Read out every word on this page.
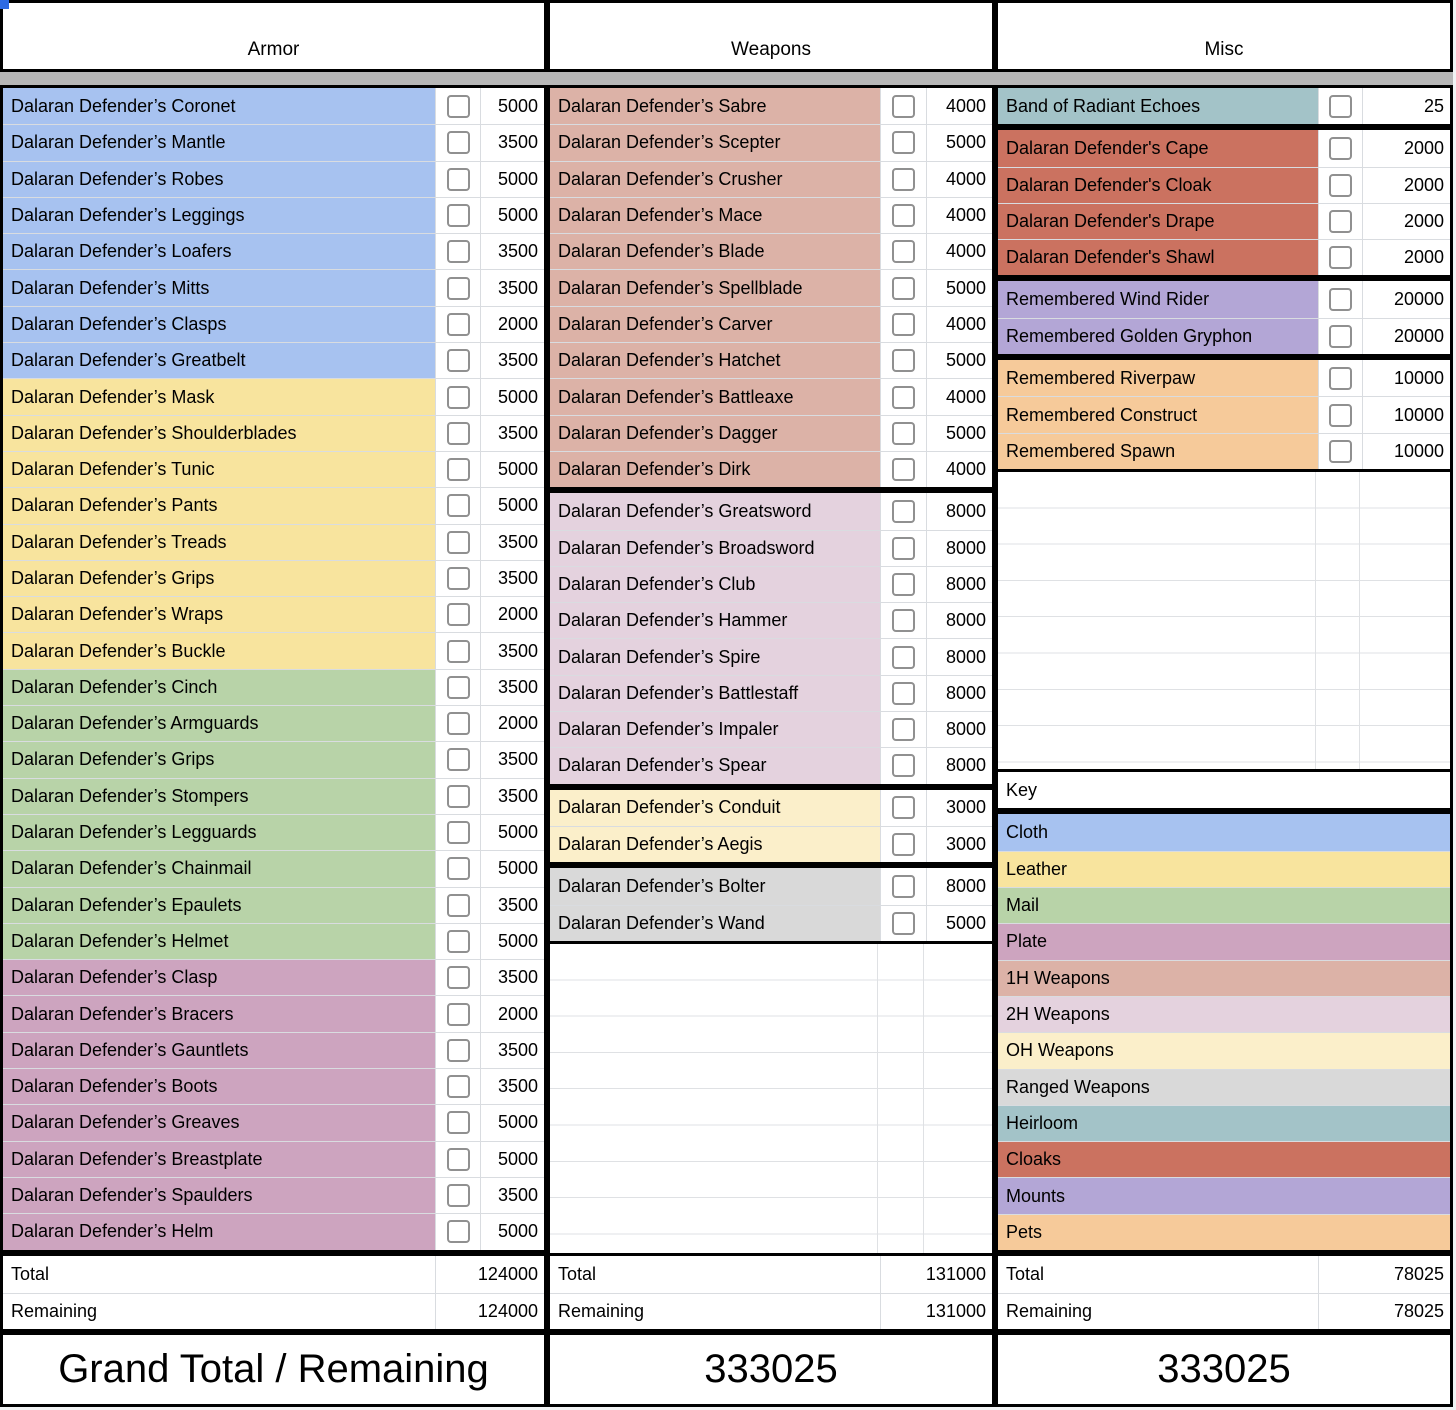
Armor	Weapons	Misc
Dalaran Defender’s Coronet	5000
Dalaran Defender’s Mantle	3500
Dalaran Defender’s Robes	5000
Dalaran Defender’s Leggings	5000
Dalaran Defender’s Loafers	3500
Dalaran Defender’s Mitts	3500
Dalaran Defender’s Clasps	2000
Dalaran Defender’s Greatbelt	3500
Dalaran Defender’s Mask	5000
Dalaran Defender’s Shoulderblades	3500
Dalaran Defender’s Tunic	5000
Dalaran Defender’s Pants	5000
Dalaran Defender’s Treads	3500
Dalaran Defender’s Grips	3500
Dalaran Defender’s Wraps	2000
Dalaran Defender’s Buckle	3500
Dalaran Defender’s Cinch	3500
Dalaran Defender’s Armguards	2000
Dalaran Defender’s Grips	3500
Dalaran Defender’s Stompers	3500
Dalaran Defender’s Legguards	5000
Dalaran Defender’s Chainmail	5000
Dalaran Defender’s Epaulets	3500
Dalaran Defender’s Helmet	5000
Dalaran Defender’s Clasp	3500
Dalaran Defender’s Bracers	2000
Dalaran Defender’s Gauntlets	3500
Dalaran Defender’s Boots	3500
Dalaran Defender’s Greaves	5000
Dalaran Defender’s Breastplate	5000
Dalaran Defender’s Spaulders	3500
Dalaran Defender’s Helm	5000
Total	124000
Remaining	124000
Grand Total / Remaining
Dalaran Defender’s Sabre	4000
Dalaran Defender’s Scepter	5000
Dalaran Defender’s Crusher	4000
Dalaran Defender’s Mace	4000
Dalaran Defender’s Blade	4000
Dalaran Defender’s Spellblade	5000
Dalaran Defender’s Carver	4000
Dalaran Defender’s Hatchet	5000
Dalaran Defender’s Battleaxe	4000
Dalaran Defender’s Dagger	5000
Dalaran Defender’s Dirk	4000
Dalaran Defender’s Greatsword	8000
Dalaran Defender’s Broadsword	8000
Dalaran Defender’s Club	8000
Dalaran Defender’s Hammer	8000
Dalaran Defender’s Spire	8000
Dalaran Defender’s Battlestaff	8000
Dalaran Defender’s Impaler	8000
Dalaran Defender’s Spear	8000
Dalaran Defender’s Conduit	3000
Dalaran Defender’s Aegis	3000
Dalaran Defender’s Bolter	8000
Dalaran Defender’s Wand	5000
Total	131000
Remaining	131000
333025
Band of Radiant Echoes	25
Dalaran Defender's Cape	2000
Dalaran Defender's Cloak	2000
Dalaran Defender's Drape	2000
Dalaran Defender's Shawl	2000
Remembered Wind Rider	20000
Remembered Golden Gryphon	20000
Remembered Riverpaw	10000
Remembered Construct	10000
Remembered Spawn	10000
Key
Cloth
Leather
Mail
Plate
1H Weapons
2H Weapons
OH Weapons
Ranged Weapons
Heirloom
Cloaks
Mounts
Pets
Total	78025
Remaining	78025
333025
